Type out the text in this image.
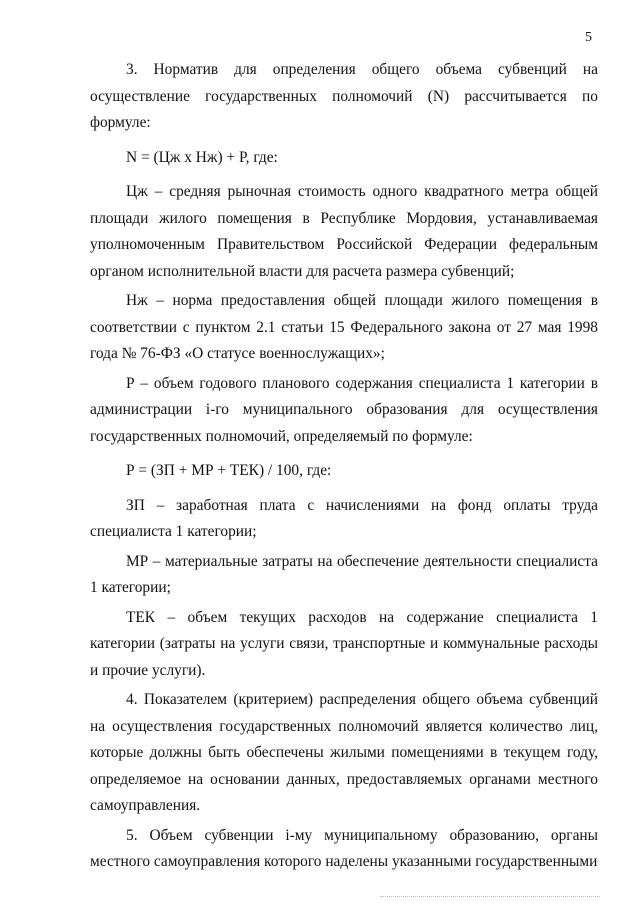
5

3. Норматив для определения общего объема субвенций на осуществление государственных полномочий (N) рассчитывается по формуле:

N = (Цж х Нж) + Р, где:

Цж – средняя рыночная стоимость одного квадратного метра общей площади жилого помещения в Республике Мордовия, устанавливаемая уполномоченным Правительством Российской Федерации федеральным органом исполнительной власти для расчета размера субвенций;

Нж – норма предоставления общей площади жилого помещения в соответствии с пунктом 2.1 статьи 15 Федерального закона от 27 мая 1998 года № 76-ФЗ «О статусе военнослужащих»;

Р – объем годового планового содержания специалиста 1 категории в администрации i-го муниципального образования для осуществления государственных полномочий, определяемый по формуле:

Р = (ЗП + МР + ТЕК) / 100, где:

ЗП – заработная плата с начислениями на фонд оплаты труда специалиста 1 категории;

МР – материальные затраты на обеспечение деятельности специалиста 1 категории;

ТЕК – объем текущих расходов на содержание специалиста 1 категории (затраты на услуги связи, транспортные и коммунальные расходы и прочие услуги).

4. Показателем (критерием) распределения общего объема субвенций на осуществления государственных полномочий является количество лиц, которые должны быть обеспечены жилыми помещениями в текущем году, определяемое на основании данных, предоставляемых органами местного самоуправления.

5. Объем субвенции i-му муниципальному образованию, органы местного самоуправления которого наделены указанными государственными
